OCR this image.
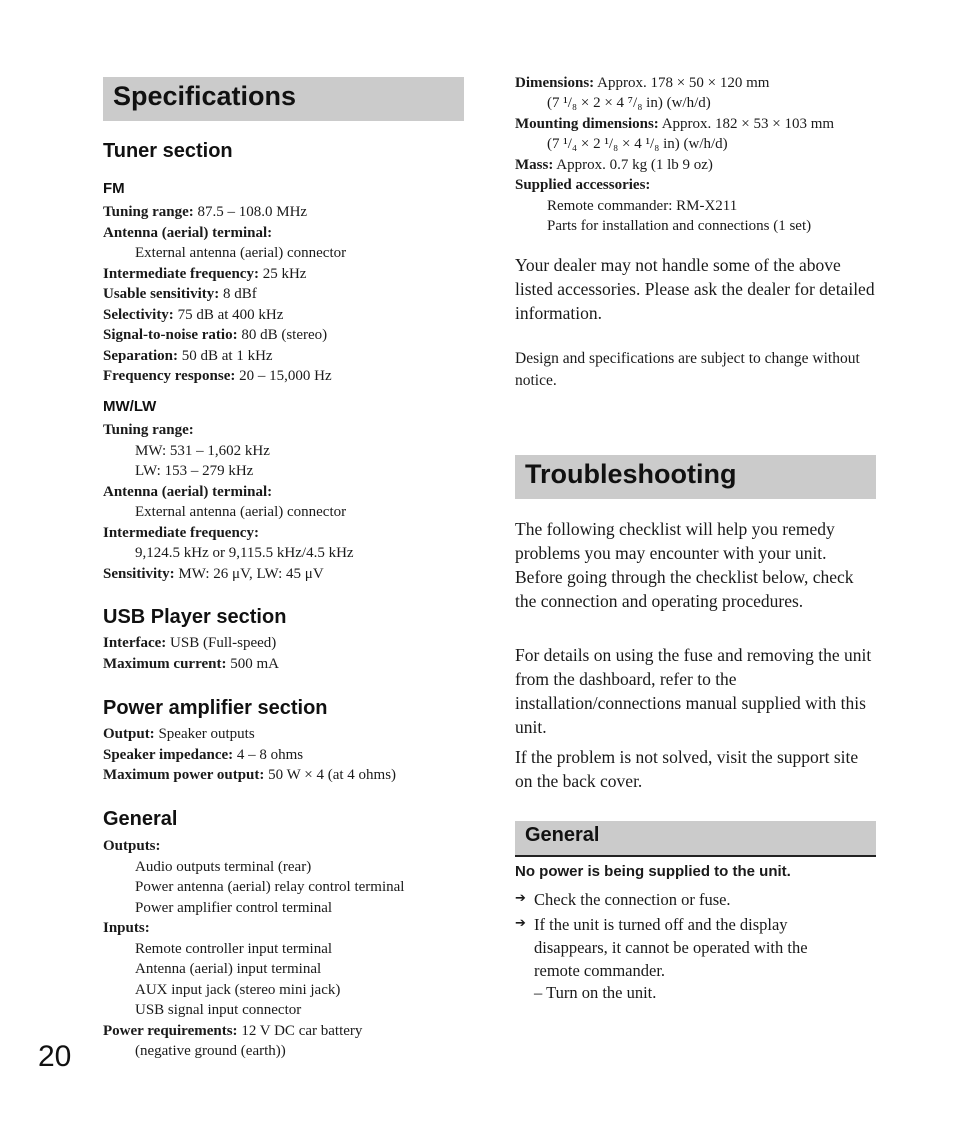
Specifications
Tuner section
FM
Tuning range: 87.5 – 108.0 MHz
Antenna (aerial) terminal:
External antenna (aerial) connector
Intermediate frequency: 25 kHz
Usable sensitivity: 8 dBf
Selectivity: 75 dB at 400 kHz
Signal-to-noise ratio: 80 dB (stereo)
Separation: 50 dB at 1 kHz
Frequency response: 20 – 15,000 Hz
MW/LW
Tuning range:
MW: 531 – 1,602 kHz
LW: 153 – 279 kHz
Antenna (aerial) terminal:
External antenna (aerial) connector
Intermediate frequency:
9,124.5 kHz or 9,115.5 kHz/4.5 kHz
Sensitivity: MW: 26 μV, LW: 45 μV
USB Player section
Interface: USB (Full-speed)
Maximum current: 500 mA
Power amplifier section
Output: Speaker outputs
Speaker impedance: 4 – 8 ohms
Maximum power output: 50 W × 4 (at 4 ohms)
General
Outputs:
Audio outputs terminal (rear)
Power antenna (aerial) relay control terminal
Power amplifier control terminal
Inputs:
Remote controller input terminal
Antenna (aerial) input terminal
AUX input jack (stereo mini jack)
USB signal input connector
Power requirements: 12 V DC car battery
(negative ground (earth))
20
Dimensions: Approx. 178 × 50 × 120 mm
(7 ¹/₈ × 2 × 4 ⁷/₈ in) (w/h/d)
Mounting dimensions: Approx. 182 × 53 × 103 mm
(7 ¹/₄ × 2 ¹/₈ × 4 ¹/₈ in) (w/h/d)
Mass: Approx. 0.7 kg (1 lb 9 oz)
Supplied accessories:
Remote commander: RM-X211
Parts for installation and connections (1 set)
Your dealer may not handle some of the above listed accessories. Please ask the dealer for detailed information.
Design and specifications are subject to change without notice.
Troubleshooting
The following checklist will help you remedy problems you may encounter with your unit. Before going through the checklist below, check the connection and operating procedures.
For details on using the fuse and removing the unit from the dashboard, refer to the installation/connections manual supplied with this unit.
If the problem is not solved, visit the support site on the back cover.
General
No power is being supplied to the unit.
➔ Check the connection or fuse.
➔ If the unit is turned off and the display disappears, it cannot be operated with the remote commander.
– Turn on the unit.
